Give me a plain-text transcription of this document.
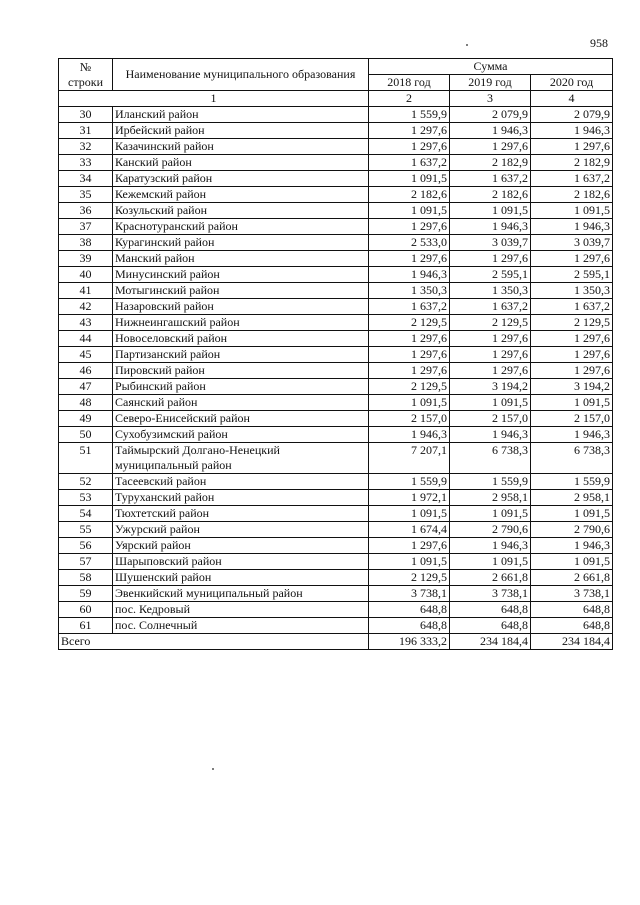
958
№ строки	Наименование муниципального образования	Сумма		
		2018 год	2019 год	2020 год
1		2	3	4
30	Иланский район	1 559,9	2 079,9	2 079,9
31	Ирбейский район	1 297,6	1 946,3	1 946,3
32	Казачинский район	1 297,6	1 297,6	1 297,6
33	Канский район	1 637,2	2 182,9	2 182,9
34	Каратузский район	1 091,5	1 637,2	1 637,2
35	Кежемский район	2 182,6	2 182,6	2 182,6
36	Козульский район	1 091,5	1 091,5	1 091,5
37	Краснотуранский район	1 297,6	1 946,3	1 946,3
38	Курагинский район	2 533,0	3 039,7	3 039,7
39	Манский район	1 297,6	1 297,6	1 297,6
40	Минусинский район	1 946,3	2 595,1	2 595,1
41	Мотыгинский район	1 350,3	1 350,3	1 350,3
42	Назаровский район	1 637,2	1 637,2	1 637,2
43	Нижнеингашский район	2 129,5	2 129,5	2 129,5
44	Новоселовский район	1 297,6	1 297,6	1 297,6
45	Партизанский район	1 297,6	1 297,6	1 297,6
46	Пировский район	1 297,6	1 297,6	1 297,6
47	Рыбинский район	2 129,5	3 194,2	3 194,2
48	Саянский район	1 091,5	1 091,5	1 091,5
49	Северо-Енисейский район	2 157,0	2 157,0	2 157,0
50	Сухобузимский район	1 946,3	1 946,3	1 946,3
51	Таймырский Долгано-Ненецкий муниципальный район	7 207,1	6 738,3	6 738,3
52	Тасеевский район	1 559,9	1 559,9	1 559,9
53	Туруханский район	1 972,1	2 958,1	2 958,1
54	Тюхтетский район	1 091,5	1 091,5	1 091,5
55	Ужурский район	1 674,4	2 790,6	2 790,6
56	Уярский район	1 297,6	1 946,3	1 946,3
57	Шарыповский район	1 091,5	1 091,5	1 091,5
58	Шушенский район	2 129,5	2 661,8	2 661,8
59	Эвенкийский муниципальный район	3 738,1	3 738,1	3 738,1
60	пос. Кедровый	648,8	648,8	648,8
61	пос. Солнечный	648,8	648,8	648,8
Всего		196 333,2	234 184,4	234 184,4
